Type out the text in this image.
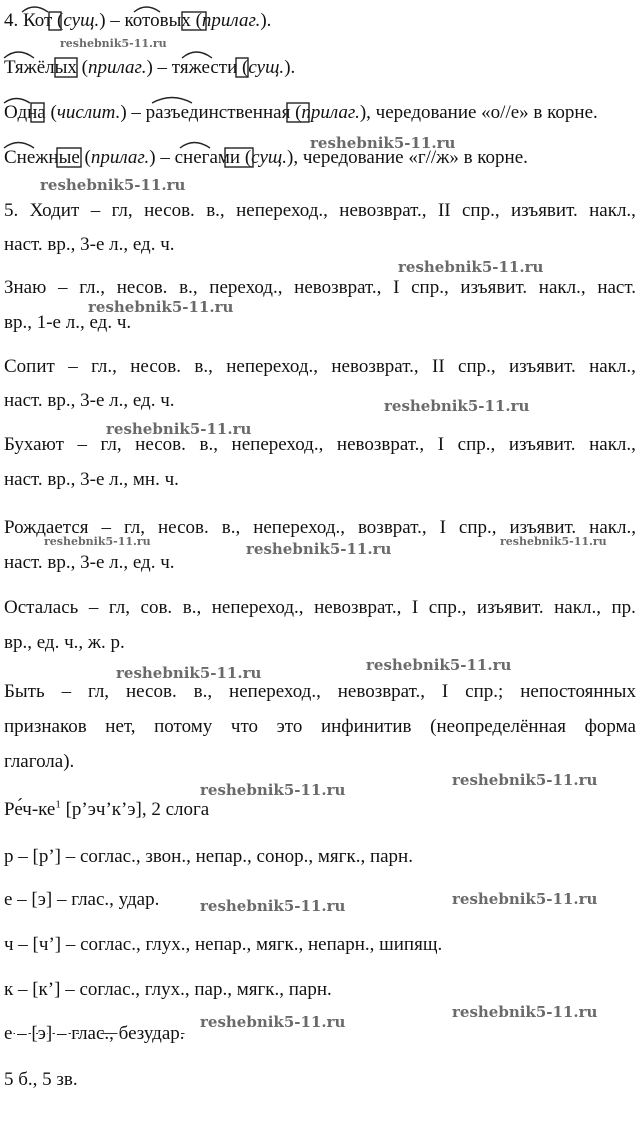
4. Кот (сущ.) – котовых (прилаг.).
Тяжёлых (прилаг.) – тяжести (сущ.).
Одна (числит.) – разъединственная (прилаг.), чередование «о//е» в корне.
Снежные (прилаг.) – снегами (сущ.), чередование «г//ж» в корне.
5. Ходит – гл, несов. в., непереход., невозврат., II спр., изъявит. накл.,
наст. вр., 3-е л., ед. ч.
Знаю – гл., несов. в., переход., невозврат., I спр., изъявит. накл., наст.
вр., 1-е л., ед. ч.
Сопит – гл., несов. в., непереход., невозврат., II спр., изъявит. накл.,
наст. вр., 3-е л., ед. ч.
Бухают – гл, несов. в., непереход., невозврат., I спр., изъявит. накл.,
наст. вр., 3-е л., мн. ч.
Рождается – гл, несов. в., непереход., возврат., I спр., изъявит. накл.,
наст. вр., 3-е л., ед. ч.
Осталась – гл, сов. в., непереход., невозврат., I спр., изъявит. накл., пр.
вр., ед. ч., ж. р.
Быть – гл, несов. в., непереход., невозврат., I спр.; непостоянных
признаков нет, потому что это инфинитив (неопределённая форма
глагола).
$Ре́ч-ке^1$ [р’эч’к’э], 2 слога
р – [р’] – соглас., звон., непар., сонор., мягк., парн.
е – [э] – глас., удар.
ч – [ч’] – соглас., глух., непар., мягк., непарн., шипящ.
к – [к’] – соглас., глух., пар., мягк., парн.
е – [э] – глас., безудар.
5 б., 5 зв.
reshebnik5-11.ru
reshebnik5-11.ru
reshebnik5-11.ru
reshebnik5-11.ru
reshebnik5-11.ru
reshebnik5-11.ru
reshebnik5-11.ru
reshebnik5-11.ru	reshebnik5-11.ru	reshebnik5-11.ru
reshebnik5-11.ru	reshebnik5-11.ru
reshebnik5-11.ru
reshebnik5-11.ru
reshebnik5-11.ru	reshebnik5-11.ru
reshebnik5-11.ru
reshebnik5-11.ru
